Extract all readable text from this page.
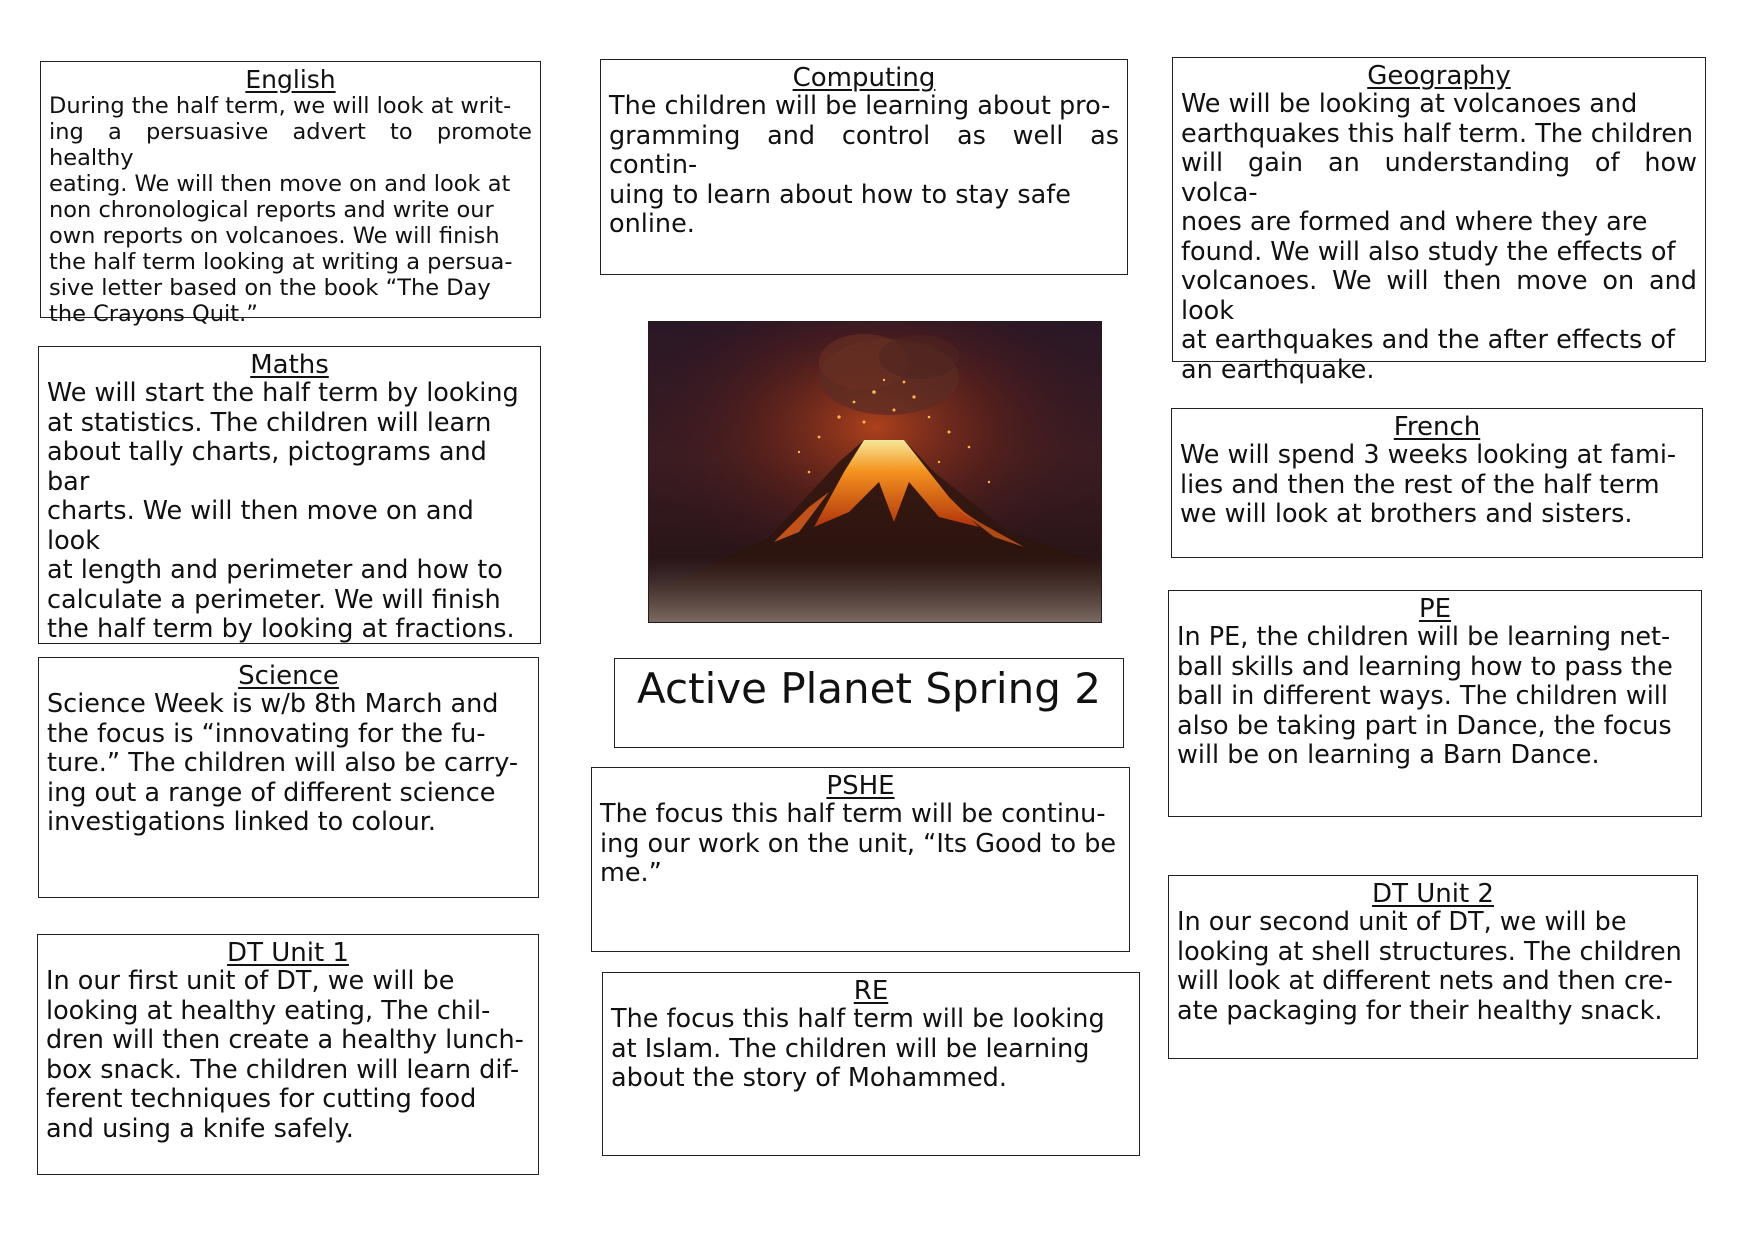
English

During the half term, we will look at writ-
ing a persuasive advert to promote healthy
eating. We will then move on and look at
non chronological reports and write our
own reports on volcanoes. We will finish
the half term looking at writing a persua-
sive letter based on the book “The Day
the Crayons Quit.”

Maths

We will start the half term by looking
at statistics. The children will learn
about tally charts, pictograms and bar
charts. We will then move on and look
at length and perimeter and how to
calculate a perimeter. We will finish
the half term by looking at fractions.

Science

Science Week is w/b 8th March and
the focus is “innovating for the fu-
ture.” The children will also be carry-
ing out a range of different science
investigations linked to colour.

DT Unit 1

In our first unit of DT, we will be
looking at healthy eating, The chil-
dren will then create a healthy lunch-
box snack. The children will learn dif-
ferent techniques for cutting food
and using a knife safely.

Computing

The children will be learning about pro-
gramming and control as well as contin-
uing to learn about how to stay safe
online.

Active Planet Spring 2
PSHE

The focus this half term will be continu-
ing our work on the unit, “Its Good to be
me.”

RE

The focus this half term will be looking
at Islam. The children will be learning
about the story of Mohammed.

Geography

We will be looking at volcanoes and
earthquakes this half term. The children
will gain an understanding of how volca-
noes are formed and where they are
found. We will also study the effects of
volcanoes. We will then move on and look
at earthquakes and the after effects of
an earthquake.

French

We will spend 3 weeks looking at fami-
lies and then the rest of the half term
we will look at brothers and sisters.

PE

In PE, the children will be learning net-
ball skills and learning how to pass the
ball in different ways. The children will
also be taking part in Dance, the focus
will be on learning a Barn Dance.

DT Unit 2

In our second unit of DT, we will be
looking at shell structures. The children
will look at different nets and then cre-
ate packaging for their healthy snack.
